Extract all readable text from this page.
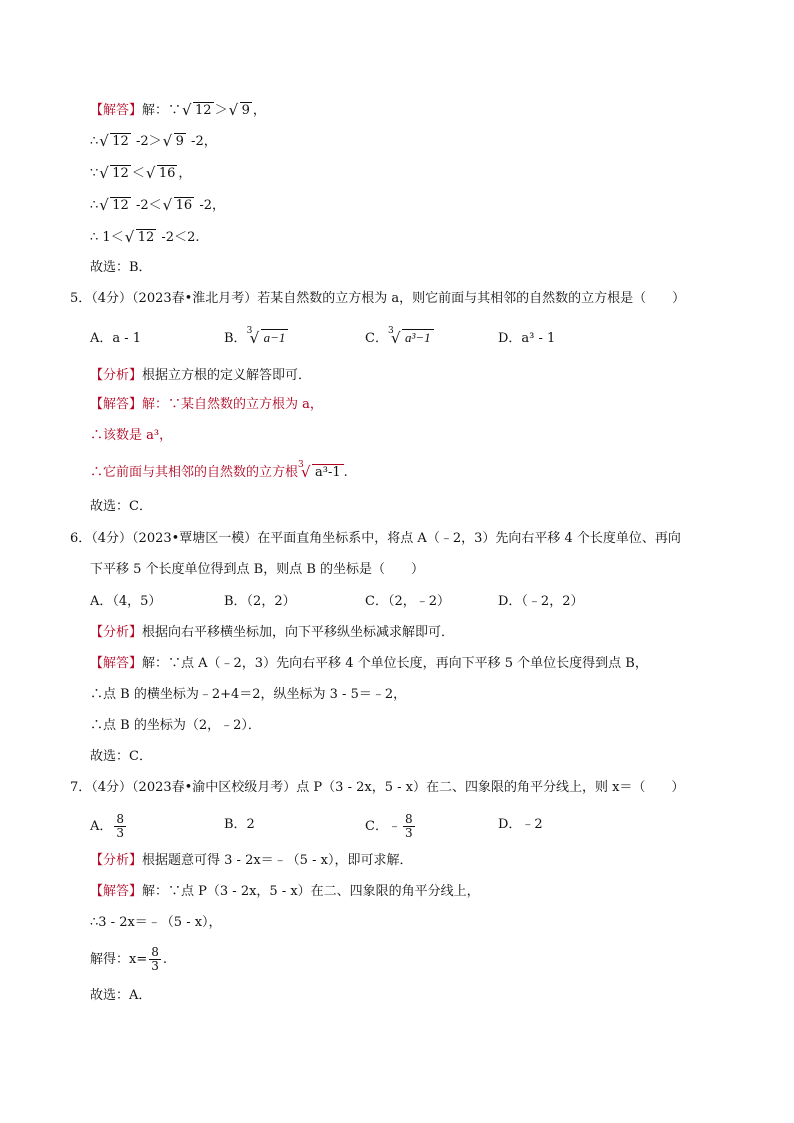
【解答】解：∵ √ 12 ＞ √ 9 ，
∴ √ 12 -2＞ √ 9 -2，
∵ √ 12 ＜ √ 16 ，
∴ √ 12 -2＜ √ 16 -2，
∴ 1＜ √ 12 -2＜2.
故选：B．
5．（4分）（2023春•淮北月考）若某自然数的立方根为 a，则它前面与其相邻的自然数的立方根是（　　）
A．a - 1	B． √ 3 a−1	C． √ 3 a³−1	D．a³ - 1
【分析】根据立方根的定义解答即可．
【解答】解：∵某自然数的立方根为 a，
∴该数是 a³，
∴它前面与其相邻的自然数的立方根 √ 3 a³-1 .
故选：C．
6．（4分）（2023•覃塘区一模）在平面直角坐标系中，将点 A（﹣2，3）先向右平移 4 个长度单位、再向
下平移 5 个长度单位得到点 B，则点 B 的坐标是（　　）
A．（4，5）	B．（2，2）	C．（2，﹣2）	D．（﹣2，2）
【分析】根据向右平移横坐标加，向下平移纵坐标减求解即可．
【解答】解：∵点 A（﹣2，3）先向右平移 4 个单位长度，再向下平移 5 个单位长度得到点 B，
∴点 B 的横坐标为﹣2+4＝2，纵坐标为 3 - 5＝﹣2，
∴点 B 的坐标为（2，﹣2）．
故选：C．
7．（4分）（2023春•渝中区校级月考）点 P（3 - 2x，5 - x）在二、四象限的角平分线上，则 x＝（　　）
A． $\frac{8}{3}$	B．2	C．﹣ $\frac{8}{3}$	D．﹣2
【分析】根据题意可得 3 - 2x＝﹣（5 - x），即可求解．
【解答】解：∵点 P（3 - 2x，5 - x）在二、四象限的角平分线上，
∴3 - 2x＝﹣（5 - x），
解得：$x= \frac{8}{3}$ .
故选：A．
